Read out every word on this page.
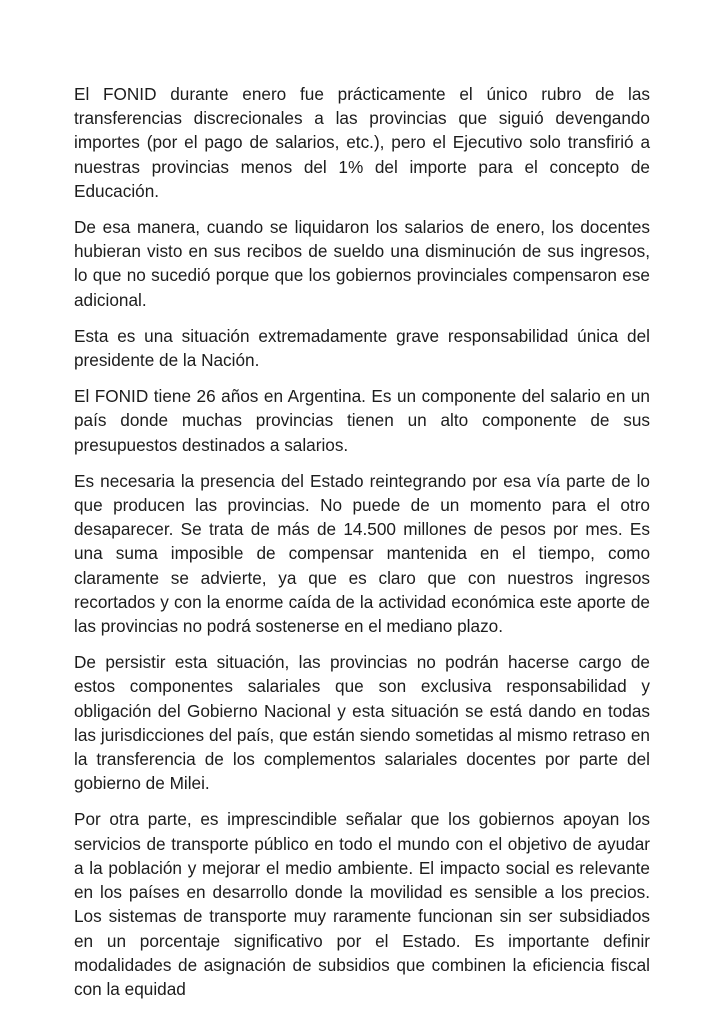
El FONID durante enero fue prácticamente el único rubro de las transferencias discrecionales a las provincias que siguió devengando importes (por el pago de salarios, etc.), pero el Ejecutivo solo transfirió a nuestras provincias menos del 1% del importe para el concepto de Educación.

De esa manera, cuando se liquidaron los salarios de enero, los docentes hubieran visto en sus recibos de sueldo una disminución de sus ingresos, lo que no sucedió porque que los gobiernos provinciales compensaron ese adicional.

Esta es una situación extremadamente grave responsabilidad única del presidente de la Nación.

El FONID tiene 26 años en Argentina. Es un componente del salario en un país donde muchas provincias tienen un alto componente de sus presupuestos destinados a salarios.

Es necesaria la presencia del Estado reintegrando por esa vía parte de lo que producen las provincias. No puede de un momento para el otro desaparecer. Se trata de más de 14.500 millones de pesos por mes. Es una suma imposible de compensar mantenida en el tiempo, como claramente se advierte, ya que es claro que con nuestros ingresos recortados y con la enorme caída de la actividad económica este aporte de las provincias no podrá sostenerse en el mediano plazo.

De persistir esta situación, las provincias no podrán hacerse cargo de estos componentes salariales que son exclusiva responsabilidad y obligación del Gobierno Nacional y esta situación se está dando en todas las jurisdicciones del país, que están siendo sometidas al mismo retraso en la transferencia de los complementos salariales docentes por parte del gobierno de Milei.

Por otra parte, es imprescindible señalar que los gobiernos apoyan los servicios de transporte público en todo el mundo con el objetivo de ayudar a la población y mejorar el medio ambiente. El impacto social es relevante en los países en desarrollo donde la movilidad es sensible a los precios. Los sistemas de transporte muy raramente funcionan sin ser subsidiados en un porcentaje significativo por el Estado. Es importante definir modalidades de asignación de subsidios que combinen la eficiencia fiscal con la equidad
